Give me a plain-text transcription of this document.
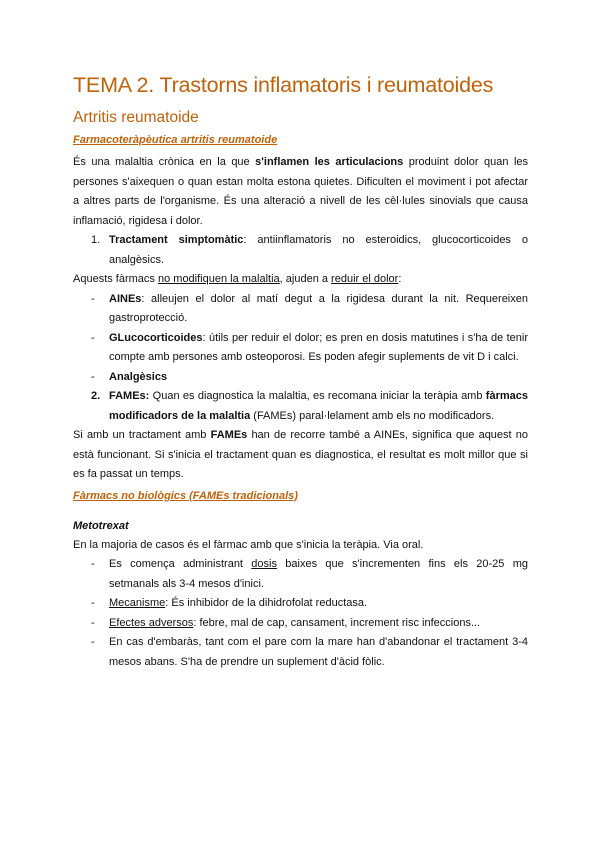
TEMA 2. Trastorns inflamatoris i reumatoides
Artritis reumatoide
Farmacoteràpèutica artritis reumatoide

És una malaltia crònica en la que s'inflamen les articulacions produint dolor quan les persones s'aixequen o quan estan molta estona quietes. Dificulten el moviment i pot afectar a altres parts de l'organisme. És una alteració a nivell de les cèl·lules sinovials que causa inflamació, rigidesa i dolor.

1. Tractament simptomàtic: antiinflamatoris no esteroidics, glucocorticoides o analgèsics.

Aquests fàrmacs no modifiquen la malaltia, ajuden a reduir el dolor:

- AINEs: alleujen el dolor al matí degut a la rigidesa durant la nit. Requereixen gastroprotecció.
- GLucocorticoides: útils per reduir el dolor; es pren en dosis matutines i s'ha de tenir compte amb persones amb osteoporosi. Es poden afegir suplements de vit D i calci.
- Analgèsics
2. FAMEs: Quan es diagnostica la malaltia, es recomana iniciar la teràpia amb fàrmacs modificadors de la malaltia (FAMEs) paral·lelament amb els no modificadors.

Si amb un tractament amb FAMEs han de recorre també a AINEs, significa que aquest no està funcionant. Si s'inicia el tractament quan es diagnostica, el resultat es molt millor que si es fa passat un temps.

Fàrmacs no biològics (FAMEs tradicionals)
Metotrexat

En la majoria de casos és el fàrmac amb que s'inicia la teràpia. Via oral.

- Es comença administrant dosis baixes que s'incrementen fins els 20-25 mg setmanals als 3-4 mesos d'inici.
- Mecanisme: És inhibidor de la dihidrofolat reductasa.
- Efectes adversos: febre, mal de cap, cansament, increment risc infeccions...
- En cas d'embaràs, tant com el pare com la mare han d'abandonar el tractament 3-4 mesos abans. S'ha de prendre un suplement d'àcid fòlic.
